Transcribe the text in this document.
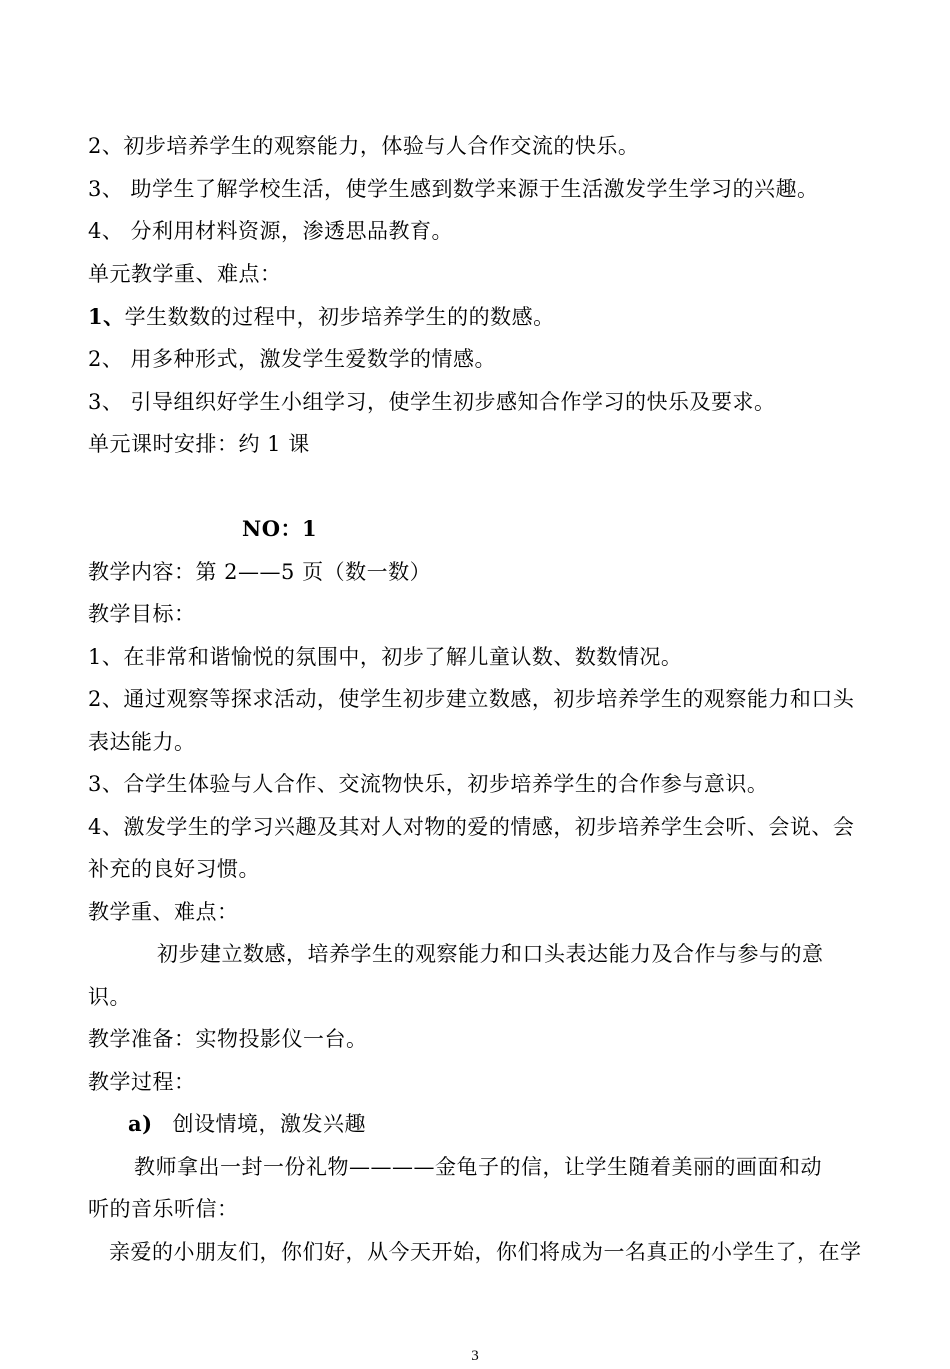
2、初步培养学生的观察能力，体验与人合作交流的快乐。
3、 助学生了解学校生活，使学生感到数学来源于生活激发学生学习的兴趣。
4、 分利用材料资源，渗透思品教育。
单元教学重、难点：
1、学生数数的过程中，初步培养学生的的数感。
2、 用多种形式，激发学生爱数学的情感。
3、 引导组织好学生小组学习，使学生初步感知合作学习的快乐及要求。
单元课时安排：约 1 课
NO：1
教学内容：第 2——5 页（数一数）
教学目标：
1、在非常和谐愉悦的氛围中，初步了解儿童认数、数数情况。
2、通过观察等探求活动，使学生初步建立数感，初步培养学生的观察能力和口头
表达能力。
3、合学生体验与人合作、交流物快乐，初步培养学生的合作参与意识。
4、激发学生的学习兴趣及其对人对物的爱的情感，初步培养学生会听、会说、会
补充的良好习惯。
教学重、难点：
初步建立数感，培养学生的观察能力和口头表达能力及合作与参与的意
识。
教学准备：实物投影仪一台。
教学过程：
a) 创设情境，激发兴趣
教师拿出一封一份礼物————金龟子的信，让学生随着美丽的画面和动
听的音乐听信：
亲爱的小朋友们，你们好，从今天开始，你们将成为一名真正的小学生了，在学
3
